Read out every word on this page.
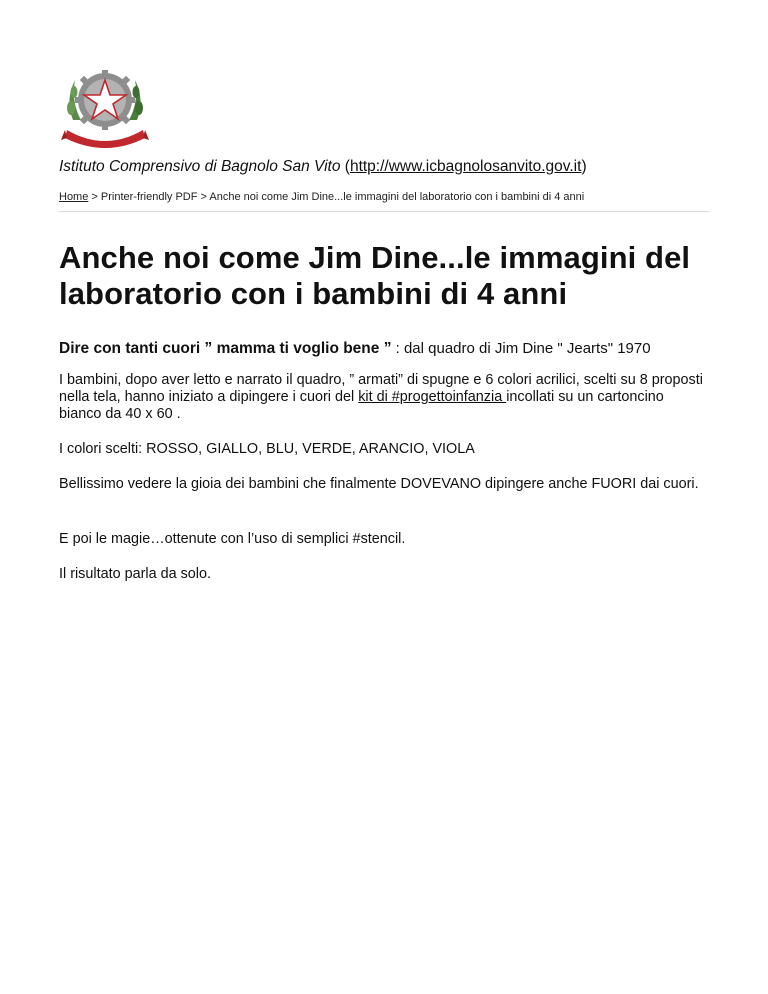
Istituto Comprensivo di Bagnolo San Vito (http://www.icbagnolosanvito.gov.it)
Home > Printer-friendly PDF > Anche noi come Jim Dine...le immagini del laboratorio con i bambini di 4 anni
Anche noi come Jim Dine...le immagini del laboratorio con i bambini di 4 anni
Dire con tanti cuori ” mamma ti voglio bene ” : dal quadro di Jim Dine " Jearts" 1970

I bambini, dopo aver letto e narrato il quadro, ” armati” di spugne e 6 colori acrilici, scelti su 8 proposti nella tela, hanno iniziato a dipingere i cuori del kit di #progettoinfanzia incollati su un cartoncino bianco da 40 x 60 .

I colori scelti: ROSSO, GIALLO, BLU, VERDE, ARANCIO, VIOLA

Bellissimo vedere la gioia dei bambini che finalmente DOVEVANO dipingere anche FUORI dai cuori.

E poi le magie…ottenute con l’uso di semplici #stencil.

Il risultato parla da solo.
